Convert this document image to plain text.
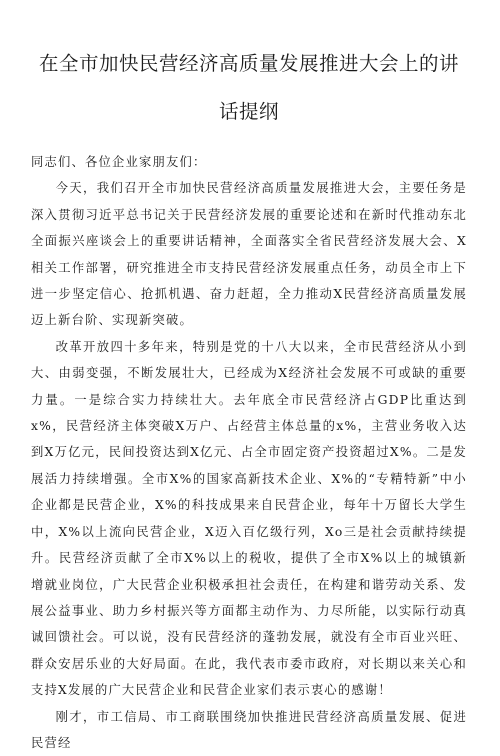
在全市加快民营经济高质量发展推进大会上的讲话提纲

同志们、各位企业家朋友们：

今天，我们召开全市加快民营经济高质量发展推进大会，主要任务是深入贯彻习近平总书记关于民营经济发展的重要论述和在新时代推动东北全面振兴座谈会上的重要讲话精神，全面落实全省民营经济发展大会、X相关工作部署，研究推进全市支持民营经济发展重点任务，动员全市上下进一步坚定信心、抢抓机遇、奋力赶超，全力推动X民营经济高质量发展迈上新台阶、实现新突破。

改革开放四十多年来，特别是党的十八大以来，全市民营经济从小到大、由弱变强，不断发展壮大，已经成为X经济社会发展不可或缺的重要力量。一是综合实力持续壮大。去年底全市民营经济占GDP比重达到x%，民营经济主体突破X万户、占经营主体总量的x%，主营业务收入达到X万亿元，民间投资达到X亿元、占全市固定资产投资超过X%。二是发展活力持续增强。全市X%的国家高新技术企业、X%的“专精特新”中小企业都是民营企业，X%的科技成果来自民营企业，每年十万留长大学生中，X%以上流向民营企业，X迈入百亿级行列，Xo三是社会贡献持续提升。民营经济贡献了全市X%以上的税收，提供了全市X%以上的城镇新增就业岗位，广大民营企业积极承担社会责任，在构建和谐劳动关系、发展公益事业、助力乡村振兴等方面都主动作为、力尽所能，以实际行动真诚回馈社会。可以说，没有民营经济的蓬勃发展，就没有全市百业兴旺、群众安居乐业的大好局面。在此，我代表市委市政府，对长期以来关心和支持X发展的广大民营企业和民营企业家们表示衷心的感谢！

刚才，市工信局、市工商联围绕加快推进民营经济高质量发展、促进民营经
